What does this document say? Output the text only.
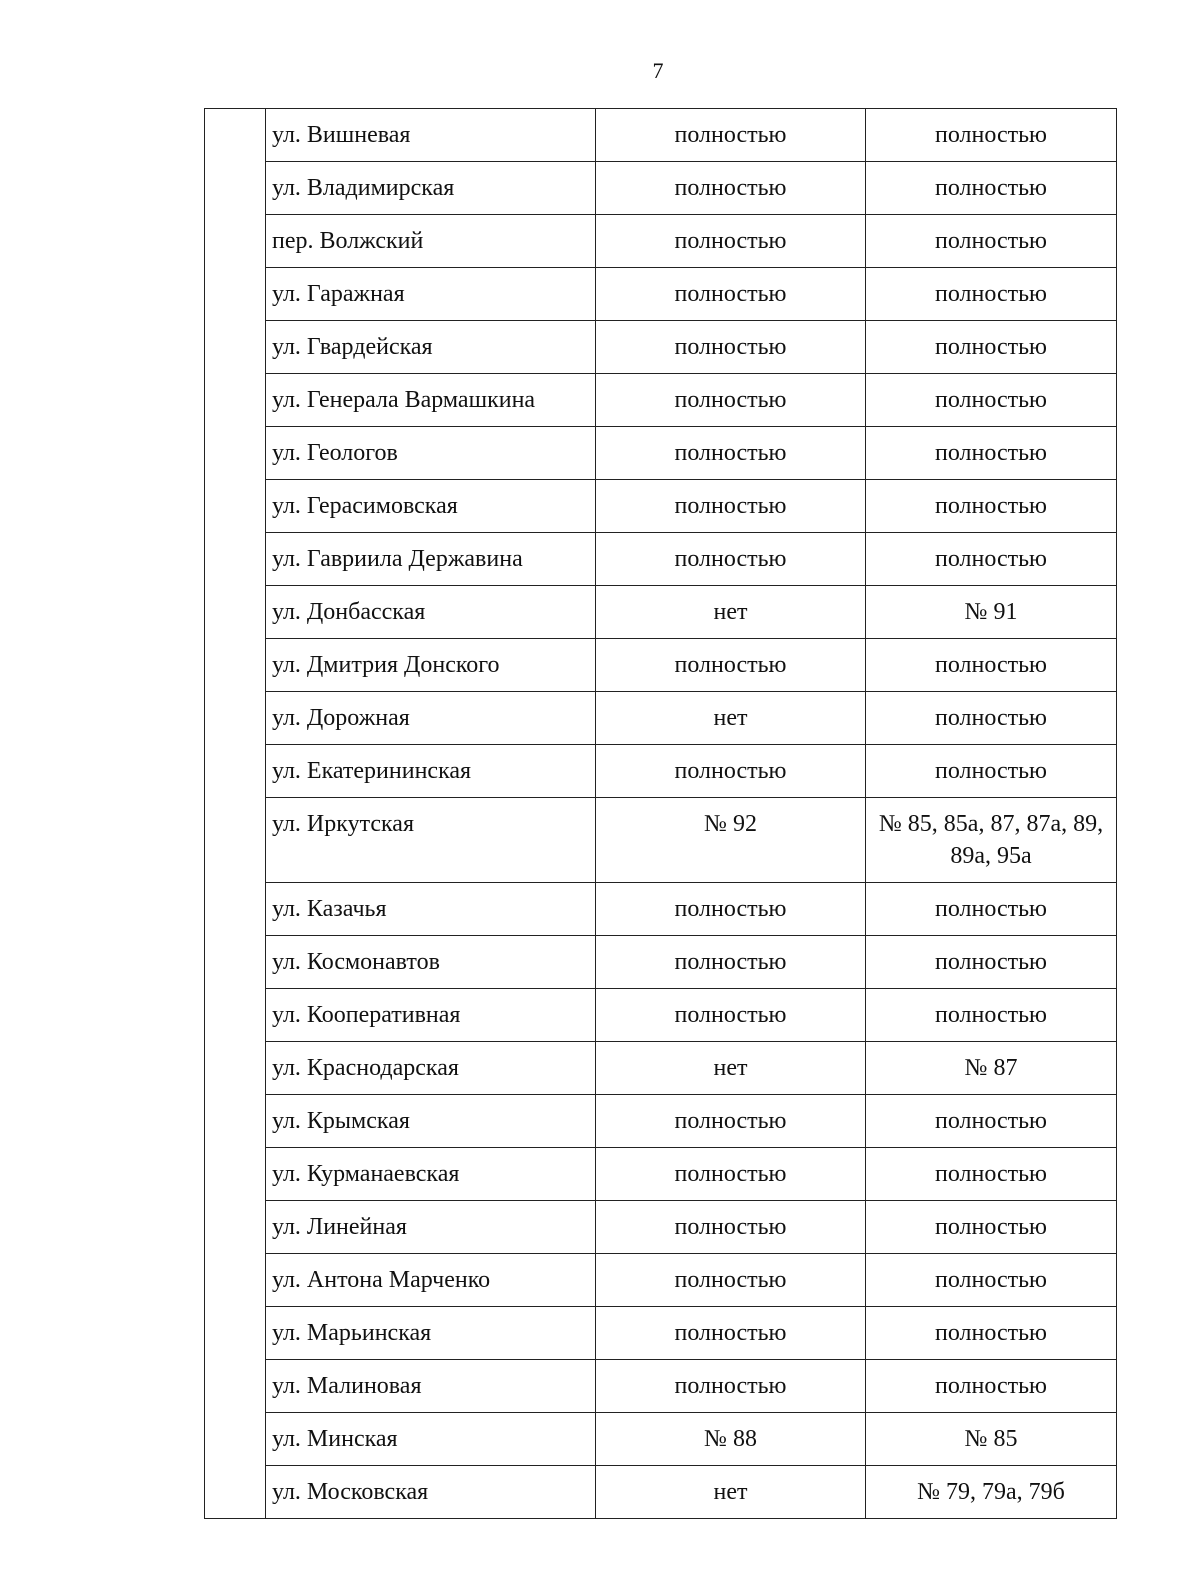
7
	ул. Вишневая	полностью	полностью
	ул. Владимирская	полностью	полностью
	пер. Волжский	полностью	полностью
	ул. Гаражная	полностью	полностью
	ул. Гвардейская	полностью	полностью
	ул. Генерала Вармашкина	полностью	полностью
	ул. Геологов	полностью	полностью
	ул. Герасимовская	полностью	полностью
	ул. Гавриила Державина	полностью	полностью
	ул. Донбасская	нет	№ 91
	ул. Дмитрия Донского	полностью	полностью
	ул. Дорожная	нет	полностью
	ул. Екатерининская	полностью	полностью
	ул. Иркутская	№ 92	№ 85, 85а, 87, 87а, 89, 89а, 95а
	ул. Казачья	полностью	полностью
	ул. Космонавтов	полностью	полностью
	ул. Кооперативная	полностью	полностью
	ул. Краснодарская	нет	№ 87
	ул. Крымская	полностью	полностью
	ул. Курманаевская	полностью	полностью
	ул. Линейная	полностью	полностью
	ул. Антона Марченко	полностью	полностью
	ул. Марьинская	полностью	полностью
	ул. Малиновая	полностью	полностью
	ул. Минская	№ 88	№ 85
	ул. Московская	нет	№ 79, 79а, 79б
